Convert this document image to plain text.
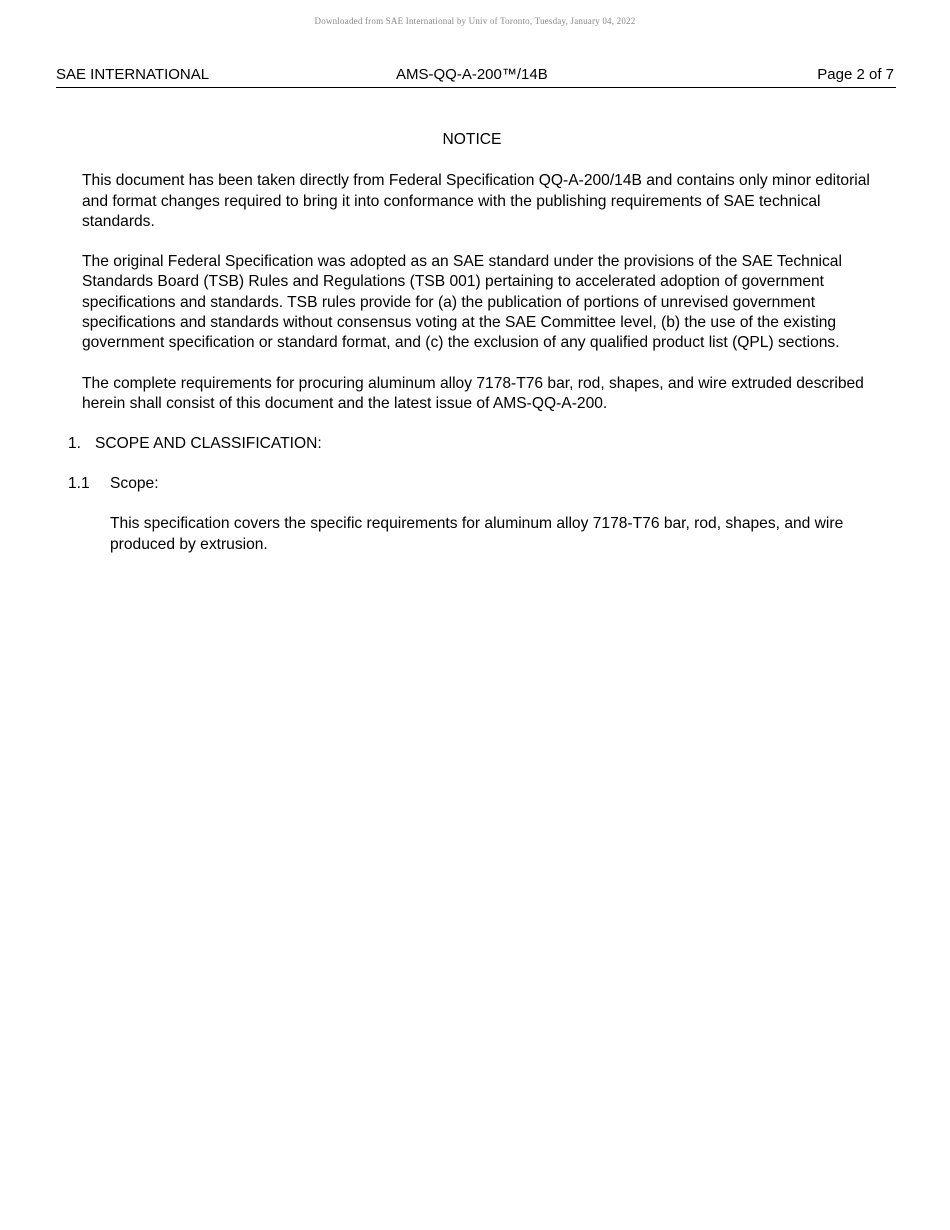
Downloaded from SAE International by Univ of Toronto, Tuesday, January 04, 2022
SAE INTERNATIONAL	AMS-QQ-A-200™/14B	Page 2 of 7
NOTICE

This document has been taken directly from Federal Specification QQ-A-200/14B and contains only minor editorial and format changes required to bring it into conformance with the publishing requirements of SAE technical standards.

The original Federal Specification was adopted as an SAE standard under the provisions of the SAE Technical Standards Board (TSB) Rules and Regulations (TSB 001) pertaining to accelerated adoption of government specifications and standards. TSB rules provide for (a) the publication of portions of unrevised government specifications and standards without consensus voting at the SAE Committee level, (b) the use of the existing government specification or standard format, and (c) the exclusion of any qualified product list (QPL) sections.

The complete requirements for procuring aluminum alloy 7178-T76 bar, rod, shapes, and wire extruded described herein shall consist of this document and the latest issue of AMS-QQ-A-200.

1. SCOPE AND CLASSIFICATION:
1.1 Scope:

This specification covers the specific requirements for aluminum alloy 7178-T76 bar, rod, shapes, and wire produced by extrusion.
